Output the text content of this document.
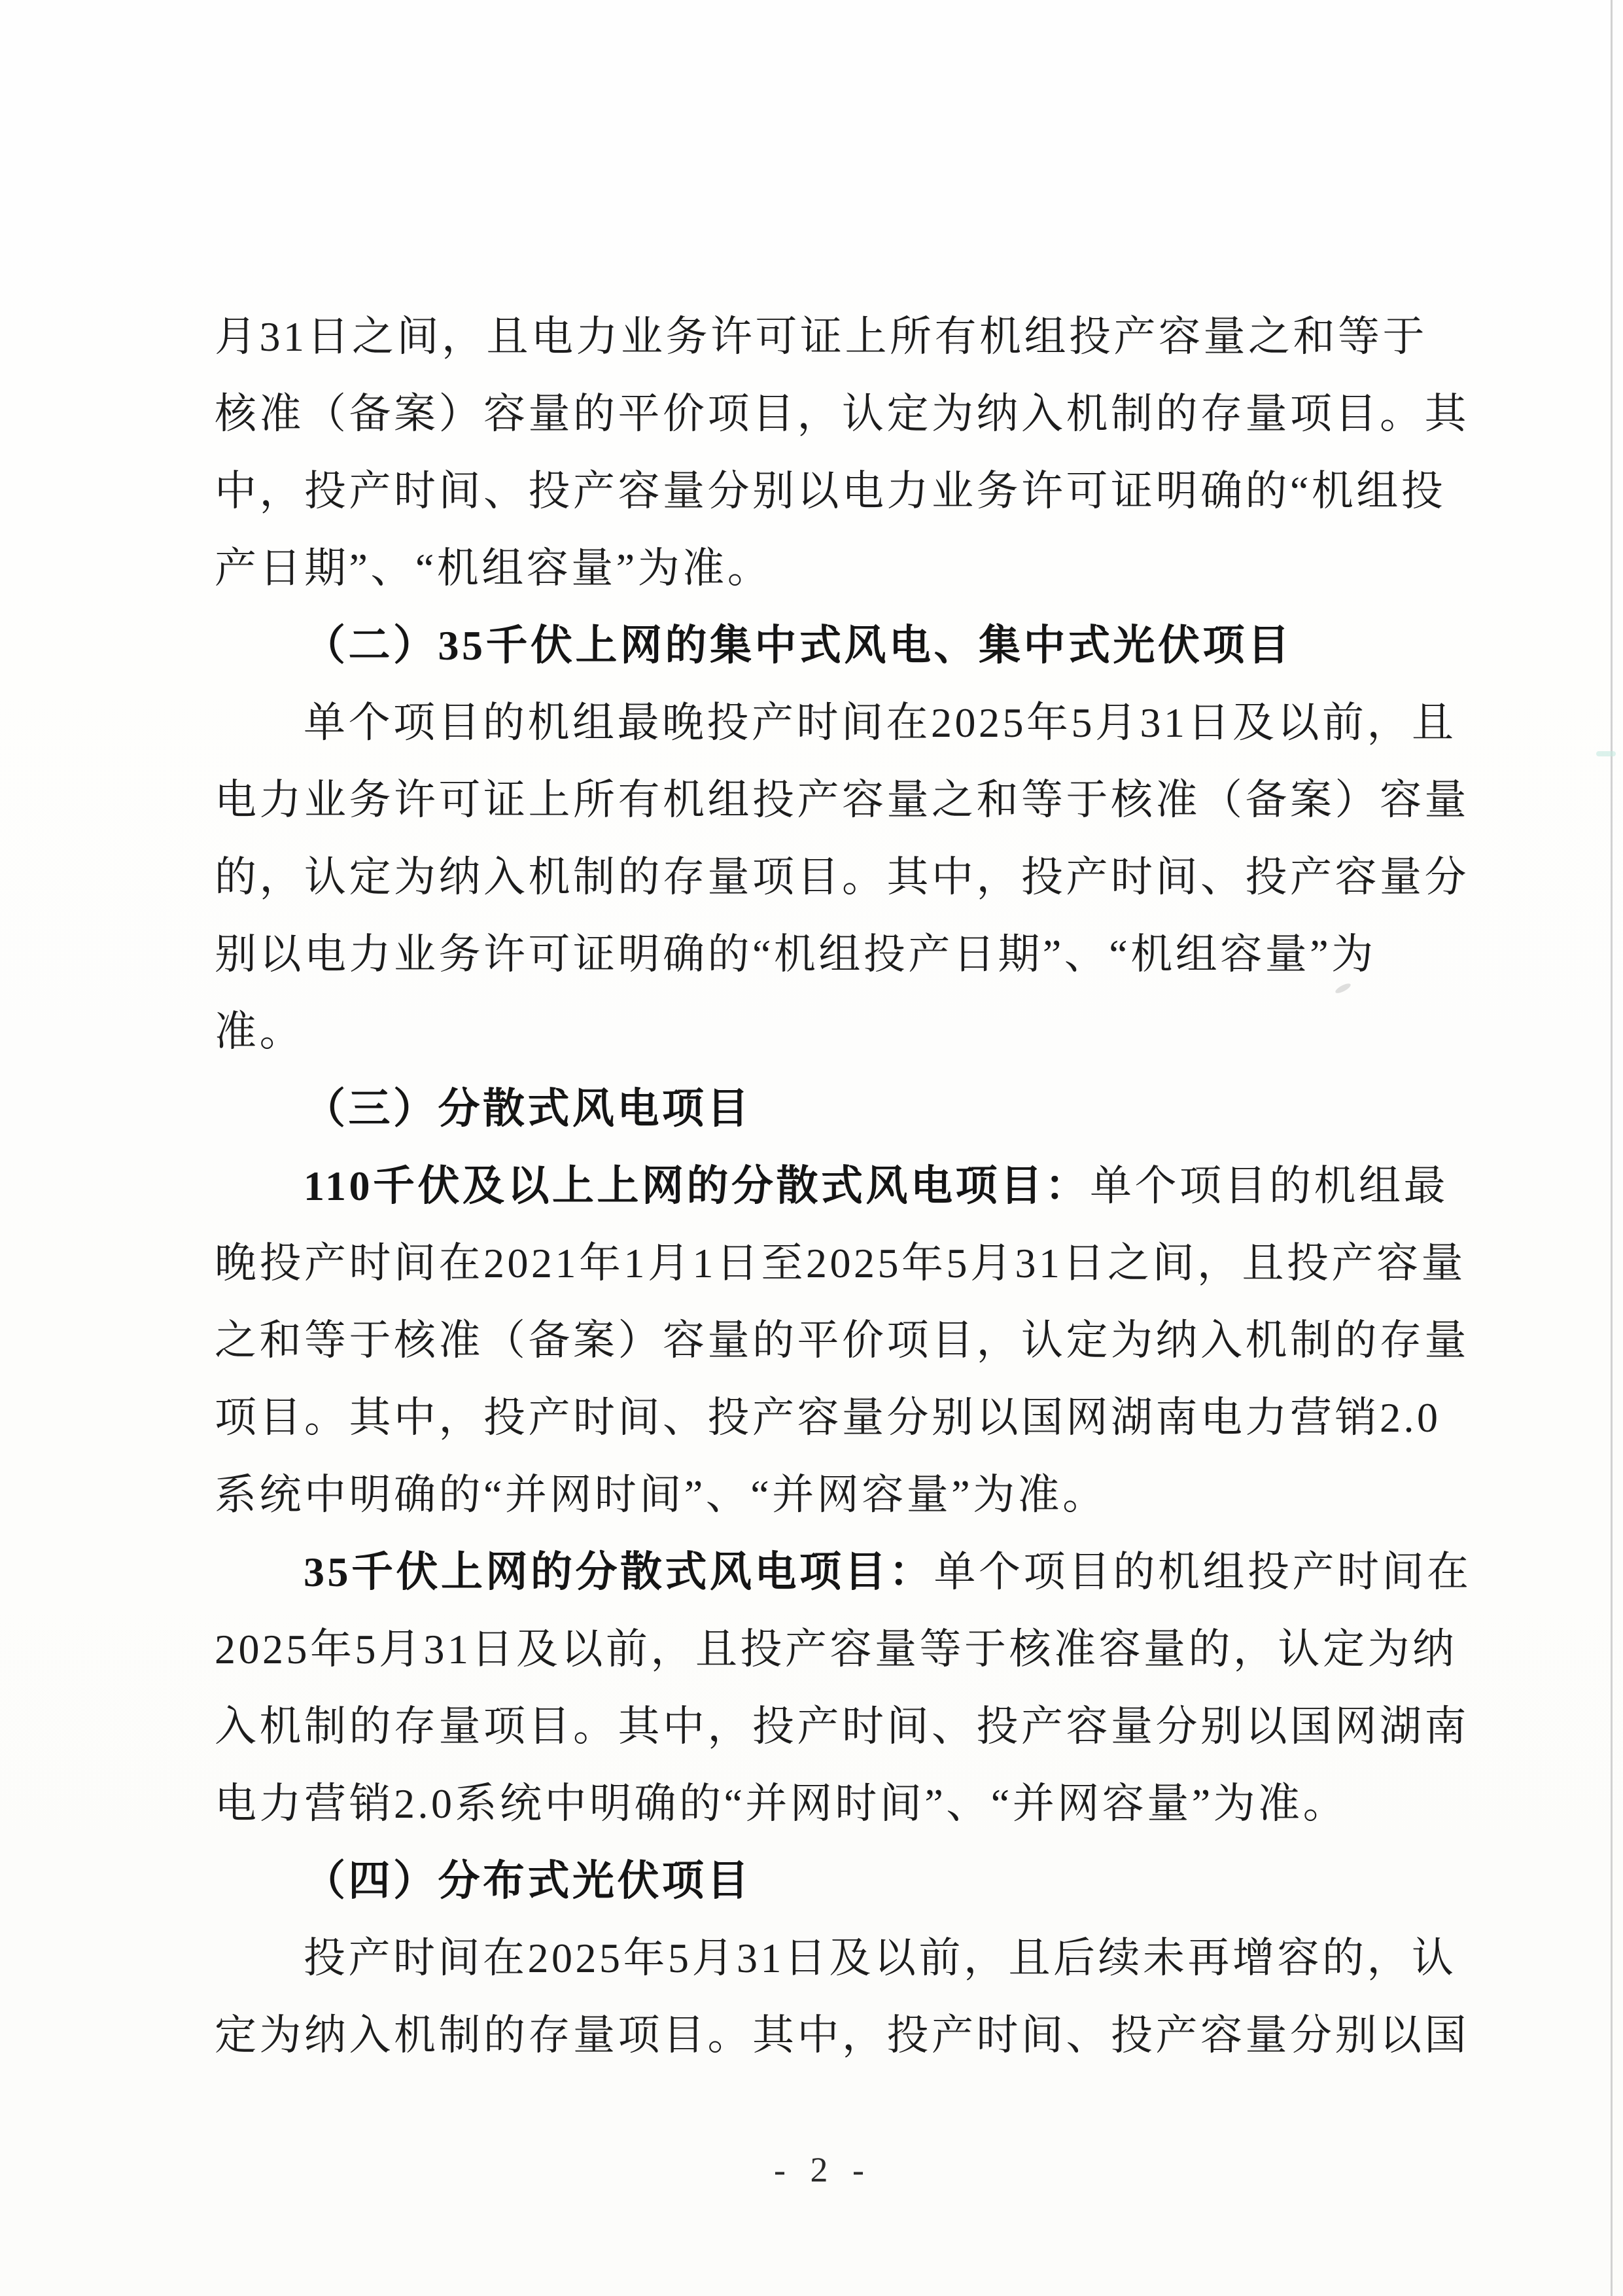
月31日之间，且电力业务许可证上所有机组投产容量之和等于
核准（备案）容量的平价项目，认定为纳入机制的存量项目。其
中，投产时间、投产容量分别以电力业务许可证明确的“机组投
产日期”、“机组容量”为准。
（二）35千伏上网的集中式风电、集中式光伏项目
单个项目的机组最晚投产时间在2025年5月31日及以前，且
电力业务许可证上所有机组投产容量之和等于核准（备案）容量
的，认定为纳入机制的存量项目。其中，投产时间、投产容量分
别以电力业务许可证明确的“机组投产日期”、“机组容量”为
准。
（三）分散式风电项目
110千伏及以上上网的分散式风电项目：单个项目的机组最
晚投产时间在2021年1月1日至2025年5月31日之间，且投产容量
之和等于核准（备案）容量的平价项目，认定为纳入机制的存量
项目。其中，投产时间、投产容量分别以国网湖南电力营销2.0
系统中明确的“并网时间”、“并网容量”为准。
35千伏上网的分散式风电项目：单个项目的机组投产时间在
2025年5月31日及以前，且投产容量等于核准容量的，认定为纳
入机制的存量项目。其中，投产时间、投产容量分别以国网湖南
电力营销2.0系统中明确的“并网时间”、“并网容量”为准。
（四）分布式光伏项目
投产时间在2025年5月31日及以前，且后续未再增容的，认
定为纳入机制的存量项目。其中，投产时间、投产容量分别以国
- 2 -
